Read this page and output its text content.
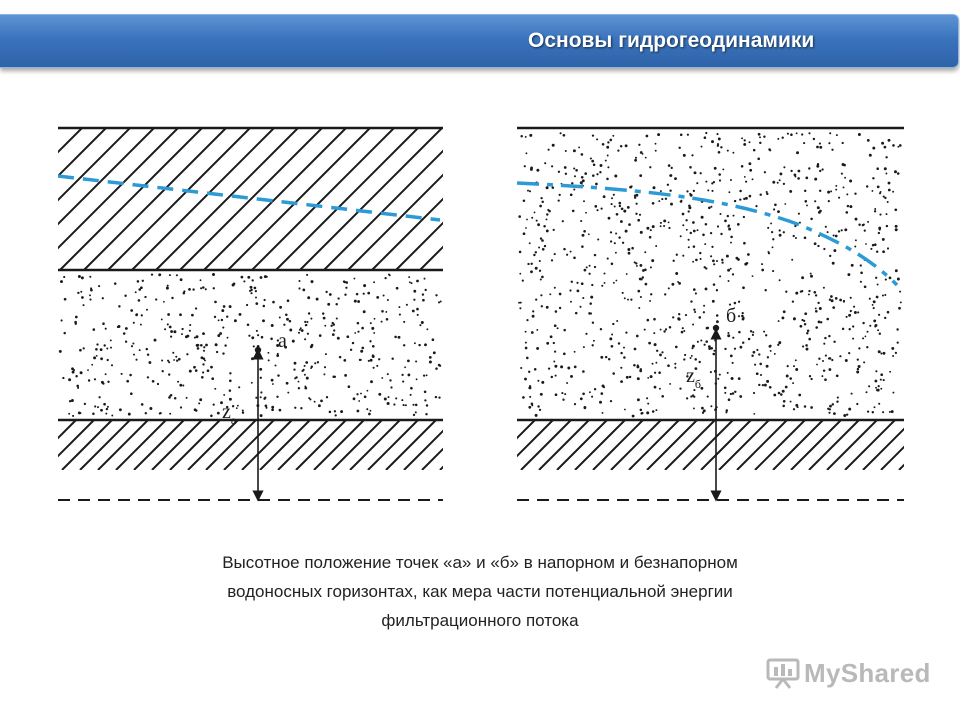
Основы гидрогеодинамики
а
$z_а$
б
$z_б$
Высотное положение точек «а» и «б» в напорном и безнапорном
водоносных горизонтах, как мера части потенциальной энергии
фильтрационного потока
MyShared
